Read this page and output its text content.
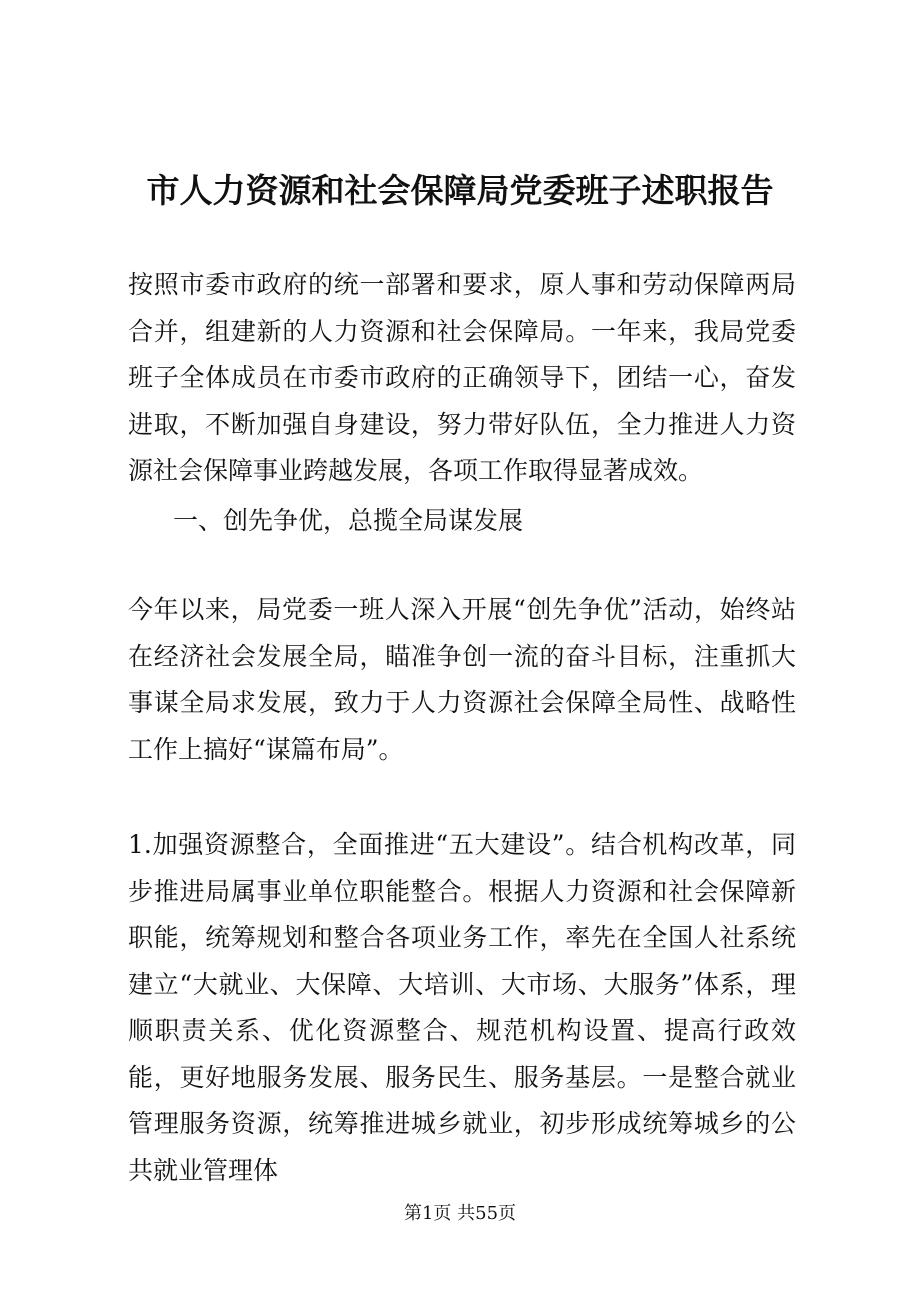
市人力资源和社会保障局党委班子述职报告

按照市委市政府的统一部署和要求，原人事和劳动保障两局合并，组建新的人力资源和社会保障局。一年来，我局党委班子全体成员在市委市政府的正确领导下，团结一心，奋发进取，不断加强自身建设，努力带好队伍，全力推进人力资源社会保障事业跨越发展，各项工作取得显著成效。

一、创先争优，总揽全局谋发展

今年以来，局党委一班人深入开展“创先争优”活动，始终站在经济社会发展全局，瞄准争创一流的奋斗目标，注重抓大事谋全局求发展，致力于人力资源社会保障全局性、战略性工作上搞好“谋篇布局”。

1.加强资源整合，全面推进“五大建设”。结合机构改革，同步推进局属事业单位职能整合。根据人力资源和社会保障新职能，统筹规划和整合各项业务工作，率先在全国人社系统建立“大就业、大保障、大培训、大市场、大服务”体系，理顺职责关系、优化资源整合、规范机构设置、提高行政效能，更好地服务发展、服务民生、服务基层。一是整合就业管理服务资源，统筹推进城乡就业，初步形成统筹城乡的公共就业管理体

第1页 共55页
